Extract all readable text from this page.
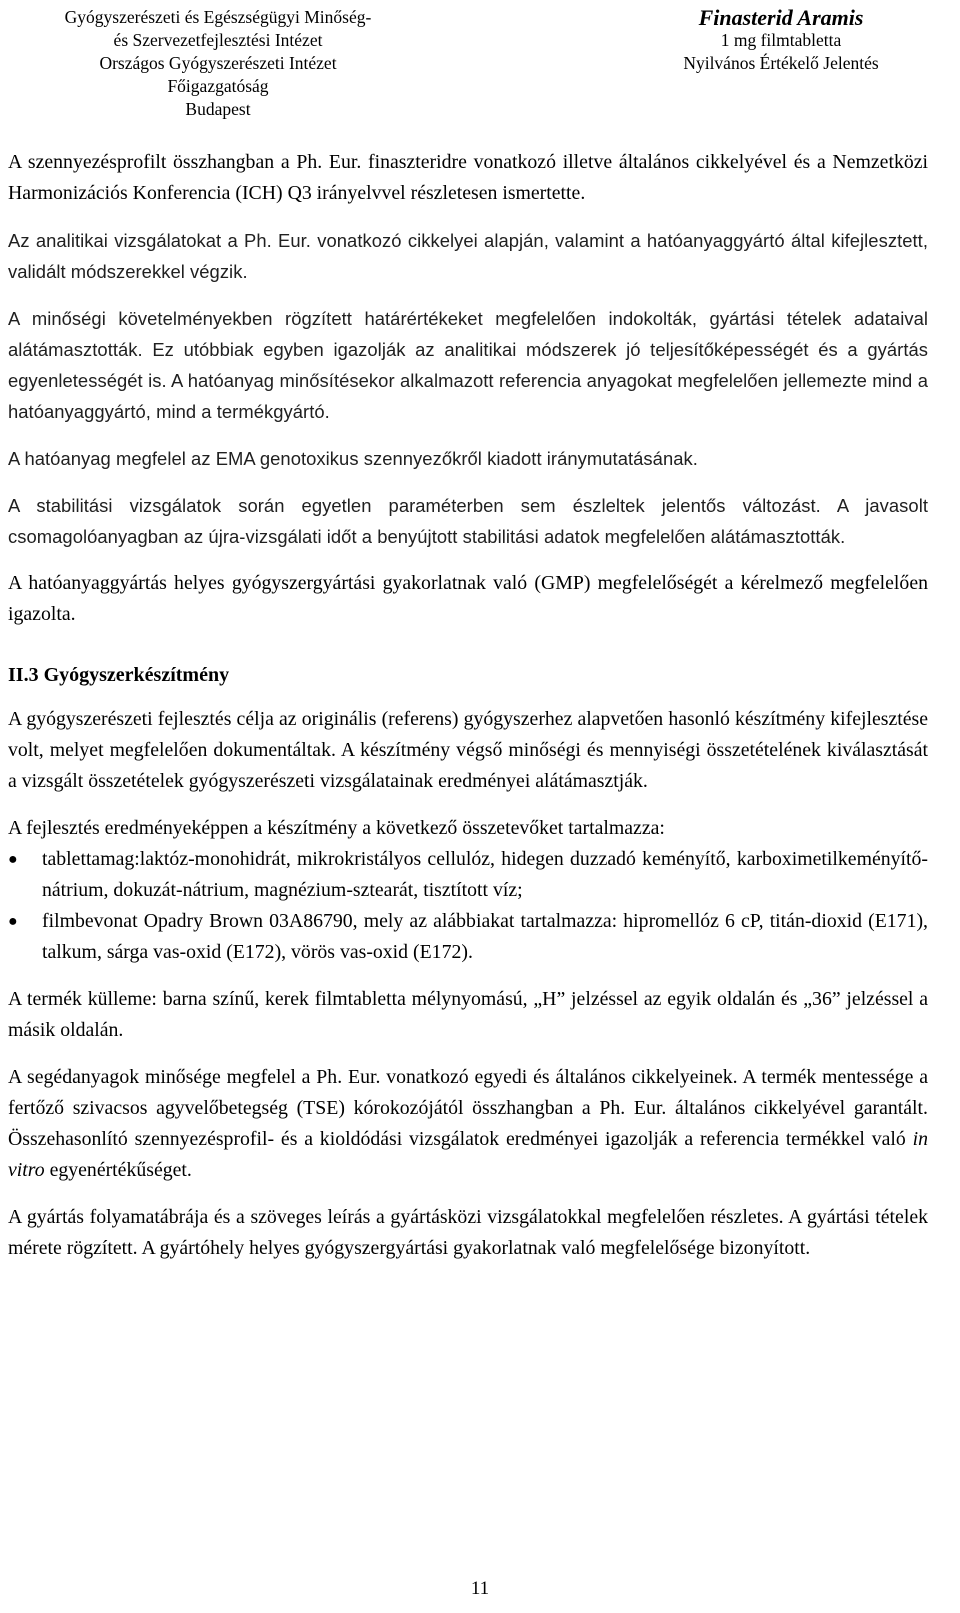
Gyógyszerészeti és Egészségügyi Minőség-
és Szervezetfejlesztési Intézet
Országos Gyógyszerészeti Intézet
Főigazgatóság
Budapest
Finasterid Aramis
1 mg filmtabletta
Nyilvános Értékelő Jelentés

A szennyezésprofilt összhangban a Ph. Eur. finaszteridre vonatkozó illetve általános cikkelyével és a Nemzetközi Harmonizációs Konferencia (ICH) Q3 irányelvvel részletesen ismertette.

Az analitikai vizsgálatokat a Ph. Eur. vonatkozó cikkelyei alapján, valamint a hatóanyaggyártó által kifejlesztett, validált módszerekkel végzik.

A minőségi követelményekben rögzített határértékeket megfelelően indokolták, gyártási tételek adataival alátámasztották. Ez utóbbiak egyben igazolják az analitikai módszerek jó teljesítőképességét és a gyártás egyenletességét is. A hatóanyag minősítésekor alkalmazott referencia anyagokat megfelelően jellemezte mind a hatóanyaggyártó, mind a termékgyártó.

A hatóanyag megfelel az EMA genotoxikus szennyezőkről kiadott iránymutatásának.

A stabilitási vizsgálatok során egyetlen paraméterben sem észleltek jelentős változást. A javasolt csomagolóanyagban az újra-vizsgálati időt a benyújtott stabilitási adatok megfelelően alátámasztották.

A hatóanyaggyártás helyes gyógyszergyártási gyakorlatnak való (GMP) megfelelőségét a kérelmező megfelelően igazolta.

II.3 Gyógyszerkészítmény

A gyógyszerészeti fejlesztés célja az originális (referens) gyógyszerhez alapvetően hasonló készítmény kifejlesztése volt, melyet megfelelően dokumentáltak. A készítmény végső minőségi és mennyiségi összetételének kiválasztását a vizsgált összetételek gyógyszerészeti vizsgálatainak eredményei alátámasztják.

A fejlesztés eredményeképpen a készítmény a következő összetevőket tartalmazza:

● tablettamag:laktóz-monohidrát, mikrokristályos cellulóz, hidegen duzzadó keményítő, karboximetilkeményítő-nátrium, dokuzát-nátrium, magnézium-sztearát, tisztított víz;
● filmbevonat Opadry Brown 03A86790, mely az alábbiakat tartalmazza: hipromellóz 6 cP, titán-dioxid (E171), talkum, sárga vas-oxid (E172), vörös vas-oxid (E172).

A termék külleme: barna színű, kerek filmtabletta mélynyomású, „H” jelzéssel az egyik oldalán és „36” jelzéssel a másik oldalán.

A segédanyagok minősége megfelel a Ph. Eur. vonatkozó egyedi és általános cikkelyeinek. A termék mentessége a fertőző szivacsos agyvelőbetegség (TSE) kórokozójától összhangban a Ph. Eur. általános cikkelyével garantált. Összehasonlító szennyezésprofil- és a kioldódási vizsgálatok eredményei igazolják a referencia termékkel való in vitro egyenértékűséget.

A gyártás folyamatábrája és a szöveges leírás a gyártásközi vizsgálatokkal megfelelően részletes. A gyártási tételek mérete rögzített. A gyártóhely helyes gyógyszergyártási gyakorlatnak való megfelelősége bizonyított.

11
